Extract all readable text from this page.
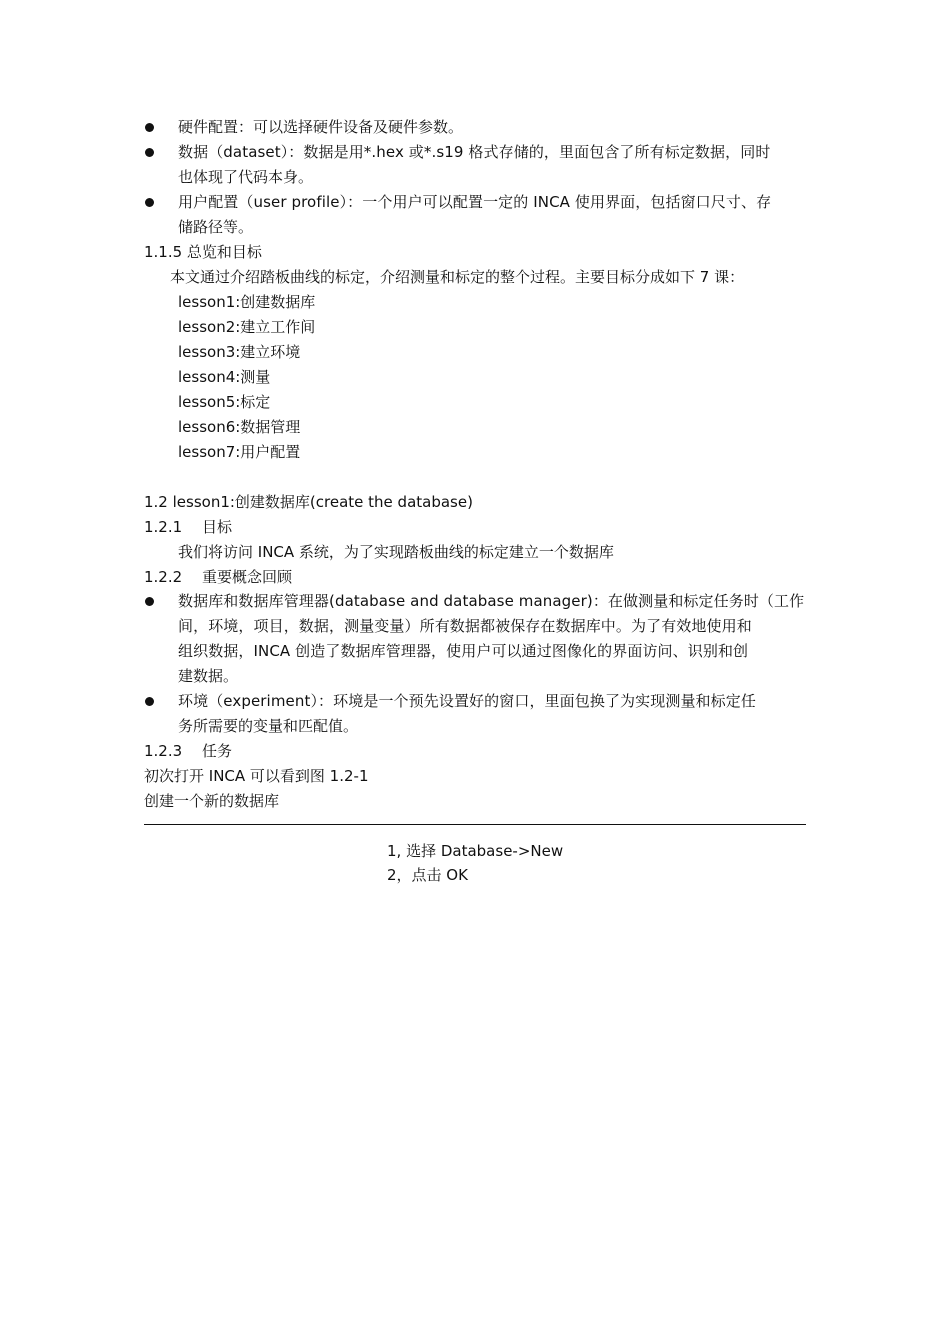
硬件配置：可以选择硬件设备及硬件参数。
数据（dataset）：数据是用*.hex 或*.s19 格式存储的，里面包含了所有标定数据，同时
也体现了代码本身。
用户配置（user profile）：一个用户可以配置一定的 INCA 使用界面，包括窗口尺寸、存
储路径等。
1.1.5 总览和目标
本文通过介绍踏板曲线的标定，介绍测量和标定的整个过程。主要目标分成如下 7 课：
lesson1:创建数据库
lesson2:建立工作间
lesson3:建立环境
lesson4:测量
lesson5:标定
lesson6:数据管理
lesson7:用户配置
1.2 lesson1:创建数据库(create the database)
1.2.1 目标
我们将访问 INCA 系统，为了实现踏板曲线的标定建立一个数据库
1.2.2 重要概念回顾
数据库和数据库管理器(database and database manager)：在做测量和标定任务时（工作
间，环境，项目，数据，测量变量）所有数据都被保存在数据库中。为了有效地使用和
组织数据，INCA 创造了数据库管理器，使用户可以通过图像化的界面访问、识别和创
建数据。
环境（experiment）：环境是一个预先设置好的窗口，里面包换了为实现测量和标定任
务所需要的变量和匹配值。
1.2.3 任务
初次打开 INCA 可以看到图 1.2-1
创建一个新的数据库
1, 选择 Database->New
2，点击 OK
